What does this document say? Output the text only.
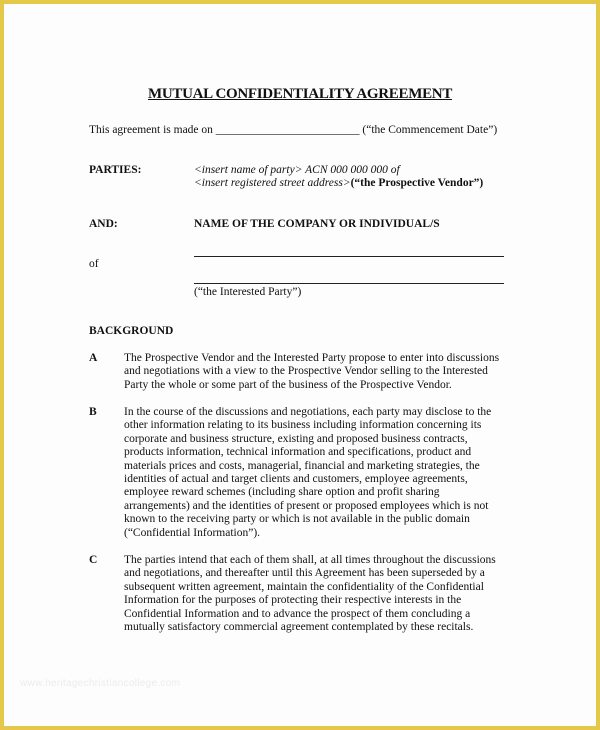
MUTUAL CONFIDENTIALITY AGREEMENT
This agreement is made on _________________________ (“the Commencement Date”)
PARTIES:	<insert name of party> ACN 000 000 000 of
<insert registered street address>(“the Prospective Vendor”)
AND:	NAME OF THE COMPANY OR INDIVIDUAL/S
of
(“the Interested Party”)
BACKGROUND
A The Prospective Vendor and the Interested Party propose to enter into discussions
and negotiations with a view to the Prospective Vendor selling to the Interested
Party the whole or some part of the business of the Prospective Vendor.
B In the course of the discussions and negotiations, each party may disclose to the
other information relating to its business including information concerning its
corporate and business structure, existing and proposed business contracts,
products information, technical information and specifications, product and
materials prices and costs, managerial, financial and marketing strategies, the
identities of actual and target clients and customers, employee agreements,
employee reward schemes (including share option and profit sharing
arrangements) and the identities of present or proposed employees which is not
known to the receiving party or which is not available in the public domain
(“Confidential Information”).
C The parties intend that each of them shall, at all times throughout the discussions
and negotiations, and thereafter until this Agreement has been superseded by a
subsequent written agreement, maintain the confidentiality of the Confidential
Information for the purposes of protecting their respective interests in the
Confidential Information and to advance the prospect of them concluding a
mutually satisfactory commercial agreement contemplated by these recitals.
www.heritagechristiancollege.com
